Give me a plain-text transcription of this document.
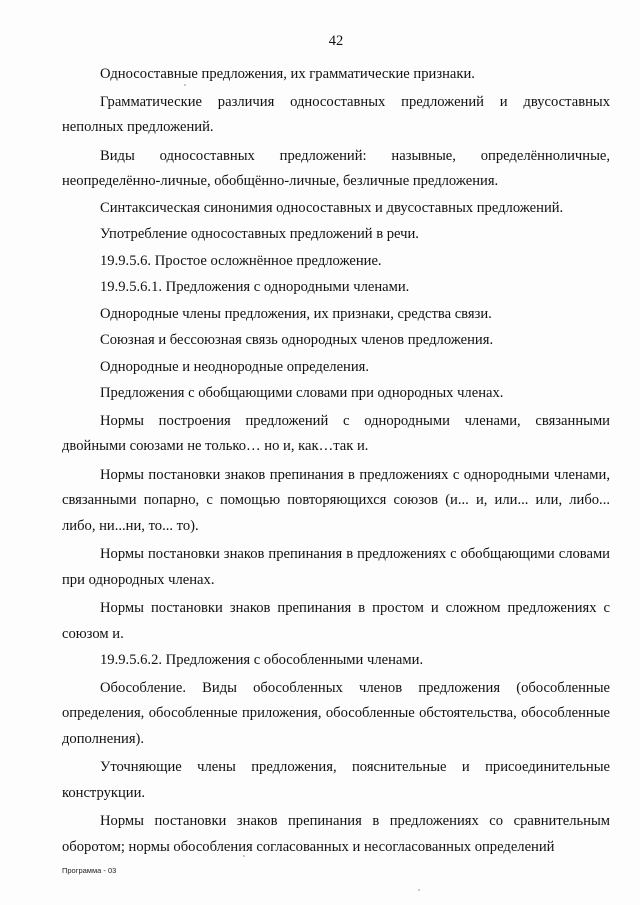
42

Односоставные предложения, их грамматические признаки.

Грамматические различия односоставных предложений и двусоставных неполных предложений.

Виды односоставных предложений: назывные, определённоличные, неопределённо-личные, обобщённо-личные, безличные предложения.

Синтаксическая синонимия односоставных и двусоставных предложений.

Употребление односоставных предложений в речи.

19.9.5.6. Простое осложнённое предложение.

19.9.5.6.1. Предложения с однородными членами.

Однородные члены предложения, их признаки, средства связи.

Союзная и бессоюзная связь однородных членов предложения.

Однородные и неоднородные определения.

Предложения с обобщающими словами при однородных членах.

Нормы построения предложений с однородными членами, связанными двойными союзами не только… но и, как…так и.

Нормы постановки знаков препинания в предложениях с однородными членами, связанными попарно, с помощью повторяющихся союзов (и... и, или... или, либо... либо, ни...ни, то... то).

Нормы постановки знаков препинания в предложениях с обобщающими словами при однородных членах.

Нормы постановки знаков препинания в простом и сложном предложениях с союзом и.

19.9.5.6.2. Предложения с обособленными членами.

Обособление. Виды обособленных членов предложения (обособленные определения, обособленные приложения, обособленные обстоятельства, обособленные дополнения).

Уточняющие члены предложения, пояснительные и присоединительные конструкции.

Нормы постановки знаков препинания в предложениях со сравнительным оборотом; нормы обособления согласованных и несогласованных определений

Программа - 03
